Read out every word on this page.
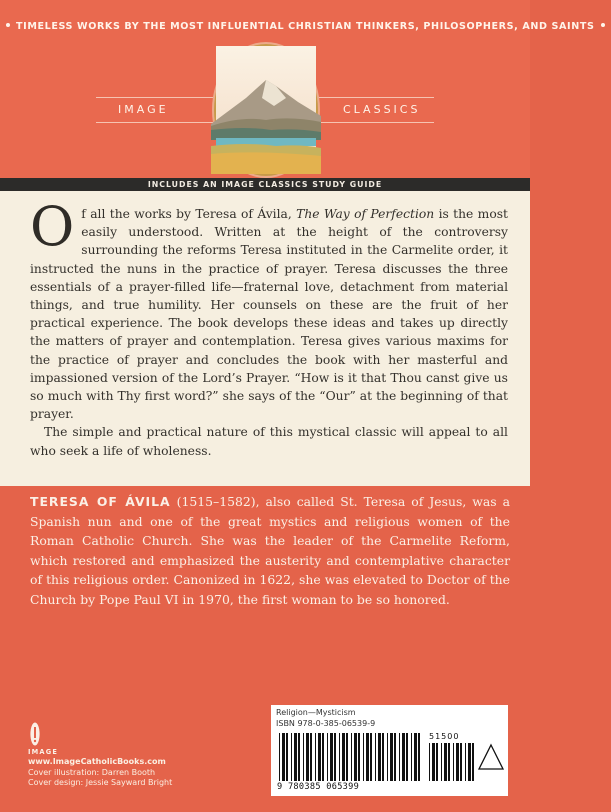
TIMELESS WORKS BY THE MOST INFLUENTIAL CHRISTIAN THINKERS, PHILOSOPHERS, AND SAINTS
IMAGE	CLASSICS
INCLUDES AN IMAGE CLASSICS STUDY GUIDE

Of all the works by Teresa of Ávila, The Way of Perfection is the most easily understood. Written at the height of the controversy surrounding the reforms Teresa instituted in the Carmelite order, it instructed the nuns in the practice of prayer. Teresa discusses the three essentials of a prayer-filled life—fraternal love, detachment from material things, and true humility. Her counsels on these are the fruit of her practical experience. The book develops these ideas and takes up directly the matters of prayer and contemplation. Teresa gives various maxims for the practice of prayer and concludes the book with her masterful and impassioned version of the Lord’s Prayer. “How is it that Thou canst give us so much with Thy first word?” she says of the “Our” at the beginning of that prayer.

The simple and practical nature of this mystical classic will appeal to all who seek a life of wholeness.

TERESA OF ÁVILA (1515–1582), also called St. Teresa of Jesus, was a Spanish nun and one of the great mystics and religious women of the Roman Catholic Church. She was the leader of the Carmelite Reform, which restored and emphasized the austerity and contemplative character of this religious order. Canonized in 1622, she was elevated to Doctor of the Church by Pope Paul VI in 1970, the first woman to be so honored.
IMAGE
www.ImageCatholicBooks.com
Cover illustration: Darren Booth
Cover design: Jessie Sayward Bright
Religion—Mysticism
ISBN 978-0-385-06539-9
51500
9 780385 065399
